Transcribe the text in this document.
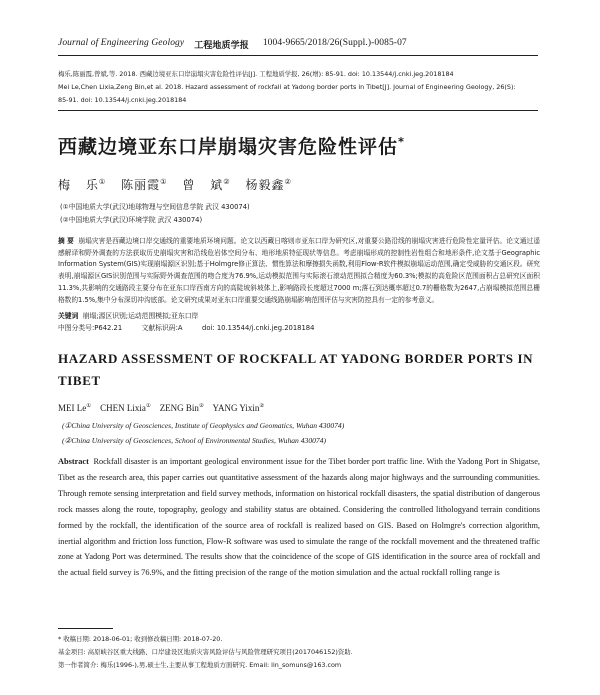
Journal of Engineering Geology 工程地质学报 1004-9665/2018/26(Suppl.)-0085-07
梅乐,陈丽霞,曾斌,等. 2018. 西藏边境亚东口岸崩塌灾害危险性评估[J]. 工程地质学报, 26(增): 85-91. doi: 10.13544/j.cnki.jeg.2018184
Mei Le,Chen Lixia,Zeng Bin,et al. 2018. Hazard assessment of rockfall at Yadong border ports in Tibet[J]. Journal of Engineering Geology, 26(S):
85-91. doi: 10.13544/j.cnki.jeg.2018184
西藏边境亚东口岸崩塌灾害危险性评估*
梅 乐① 陈丽霞① 曾 斌② 杨毅鑫②
(①中国地质大学(武汉)地球物理与空间信息学院 武汉 430074)
(②中国地质大学(武汉)环境学院 武汉 430074)
摘 要 崩塌灾害是西藏边境口岸交通线的重要地质环境问题。论文以西藏日喀则市亚东口岸为研究区,对重要公路沿线的崩塌灾害进行危险性定量评估。论文通过遥感解译和野外调查的方法获取历史崩塌灾害和沿线危岩体空间分布、地形地质特征现状等信息。考虑崩塌形成的控制性岩性组合和地形条件,论文基于Geographic Information System(GIS)实现崩塌源区识别;基于Holmgre修正算法、惯性算法和摩擦损失函数,利用Flow-R软件模拟崩塌运动范围,确定受威胁的交通区段。研究表明,崩塌源区GIS识别范围与实际野外调查范围的吻合度为76.9%,运动模拟范围与实际滚石滚动范围拟合精度为60.3%;模拟的高危险区范围面积占总研究区面积11.3%,共影响的交通路段主要分布在亚东口岸西南方向的高陡坡斜坡体上,影响路段长度超过7000 m;落石到达概率超过0.7的栅格数为2647,占崩塌模拟范围总栅格数的1.5%,集中分布深切冲沟底部。论文研究成果对亚东口岸重要交通线路崩塌影响范围评估与灾害防控具有一定的参考意义。
关键词 崩塌;源区识别;运动范围模拟;亚东口岸
中图分类号:P642.21	文献标识码:A	doi: 10.13544/j.cnki.jeg.2018184
HAZARD ASSESSMENT OF ROCKFALL AT YADONG BORDER PORTS IN TIBET
MEI Le① CHEN Lixia① ZENG Bin② YANG Yixin②
(①China University of Geosciences, Institute of Geophysics and Geomatics, Wuhan 430074)
(②China University of Geosciences, School of Environmental Studies, Wuhan 430074)
Abstract Rockfall disaster is an important geological environment issue for the Tibet border port traffic line. With the Yadong Port in Shigatse, Tibet as the research area, this paper carries out quantitative assessment of the hazards along major highways and the surrounding communities. Through remote sensing interpretation and field survey methods, information on historical rockfall disasters, the spatial distribution of dangerous rock masses along the route, topography, geology and stability status are obtained. Considering the controlled lithologyand terrain conditions formed by the rockfall, the identification of the source area of rockfall is realized based on GIS. Based on Holmgre's correction algorithm, inertial algorithm and friction loss function, Flow-R software was used to simulate the range of the rockfall movement and the threatened traffic zone at Yadong Port was determined. The results show that the coincidence of the scope of GIS identification in the source area of rockfall and the actual field survey is 76.9%, and the fitting precision of the range of the motion simulation and the actual rockfall rolling range is
* 收稿日期: 2018-06-01; 收到修改稿日期: 2018-07-20.
基金项目: 高原峡谷区重大线路、口岸建设区地质灾害风险评估与风险管理研究项目(2017046152)资助.
第一作者简介: 梅乐(1996-),男,硕士生,主要从事工程地质方面研究. Email: lin_somuns@163.com
